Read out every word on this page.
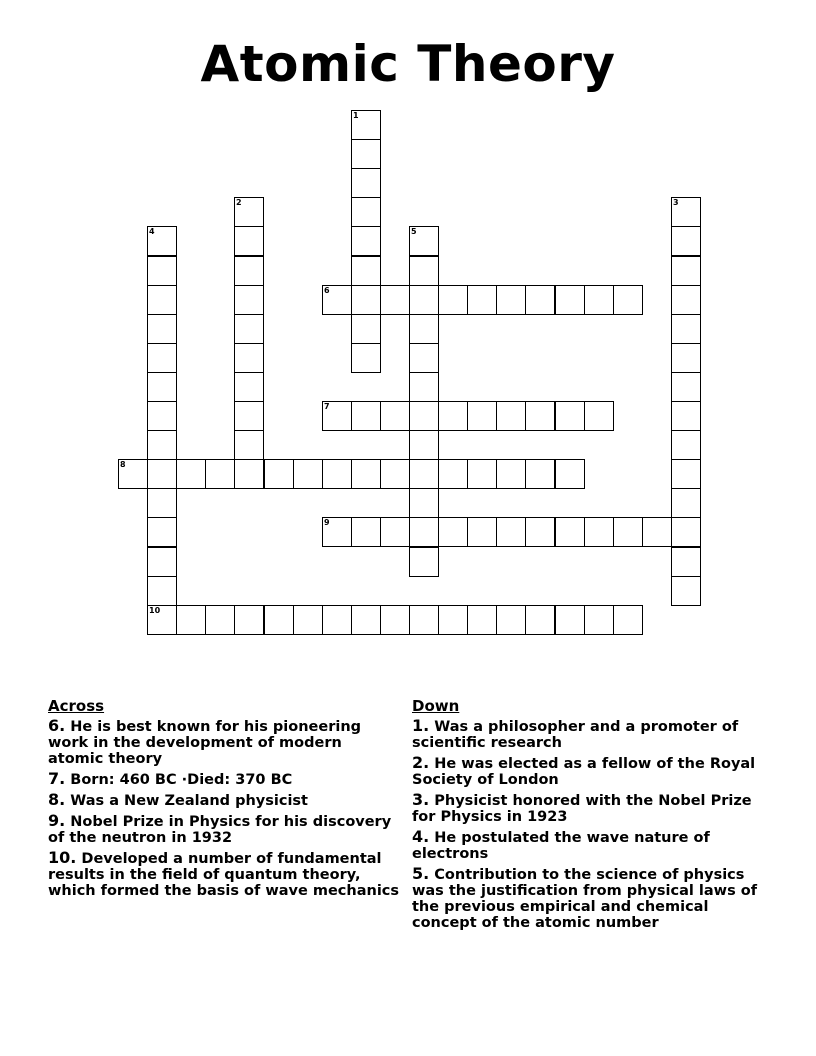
Atomic Theory
1
2	3
4
10
5
6
7
8
9
Across
6. He is best known for his pioneering work in the development of modern atomic theory
7. Born: 460 BC ·Died: 370 BC
8. Was a New Zealand physicist
9. Nobel Prize in Physics for his discovery of the neutron in 1932
10. Developed a number of fundamental results in the field of quantum theory, which formed the basis of wave mechanics
Down
1. Was a philosopher and a promoter of scientific research
2. He was elected as a fellow of the Royal Society of London
3. Physicist honored with the Nobel Prize for Physics in 1923
4. He postulated the wave nature of electrons
5. Contribution to the science of physics was the justification from physical laws of the previous empirical and chemical concept of the atomic number
